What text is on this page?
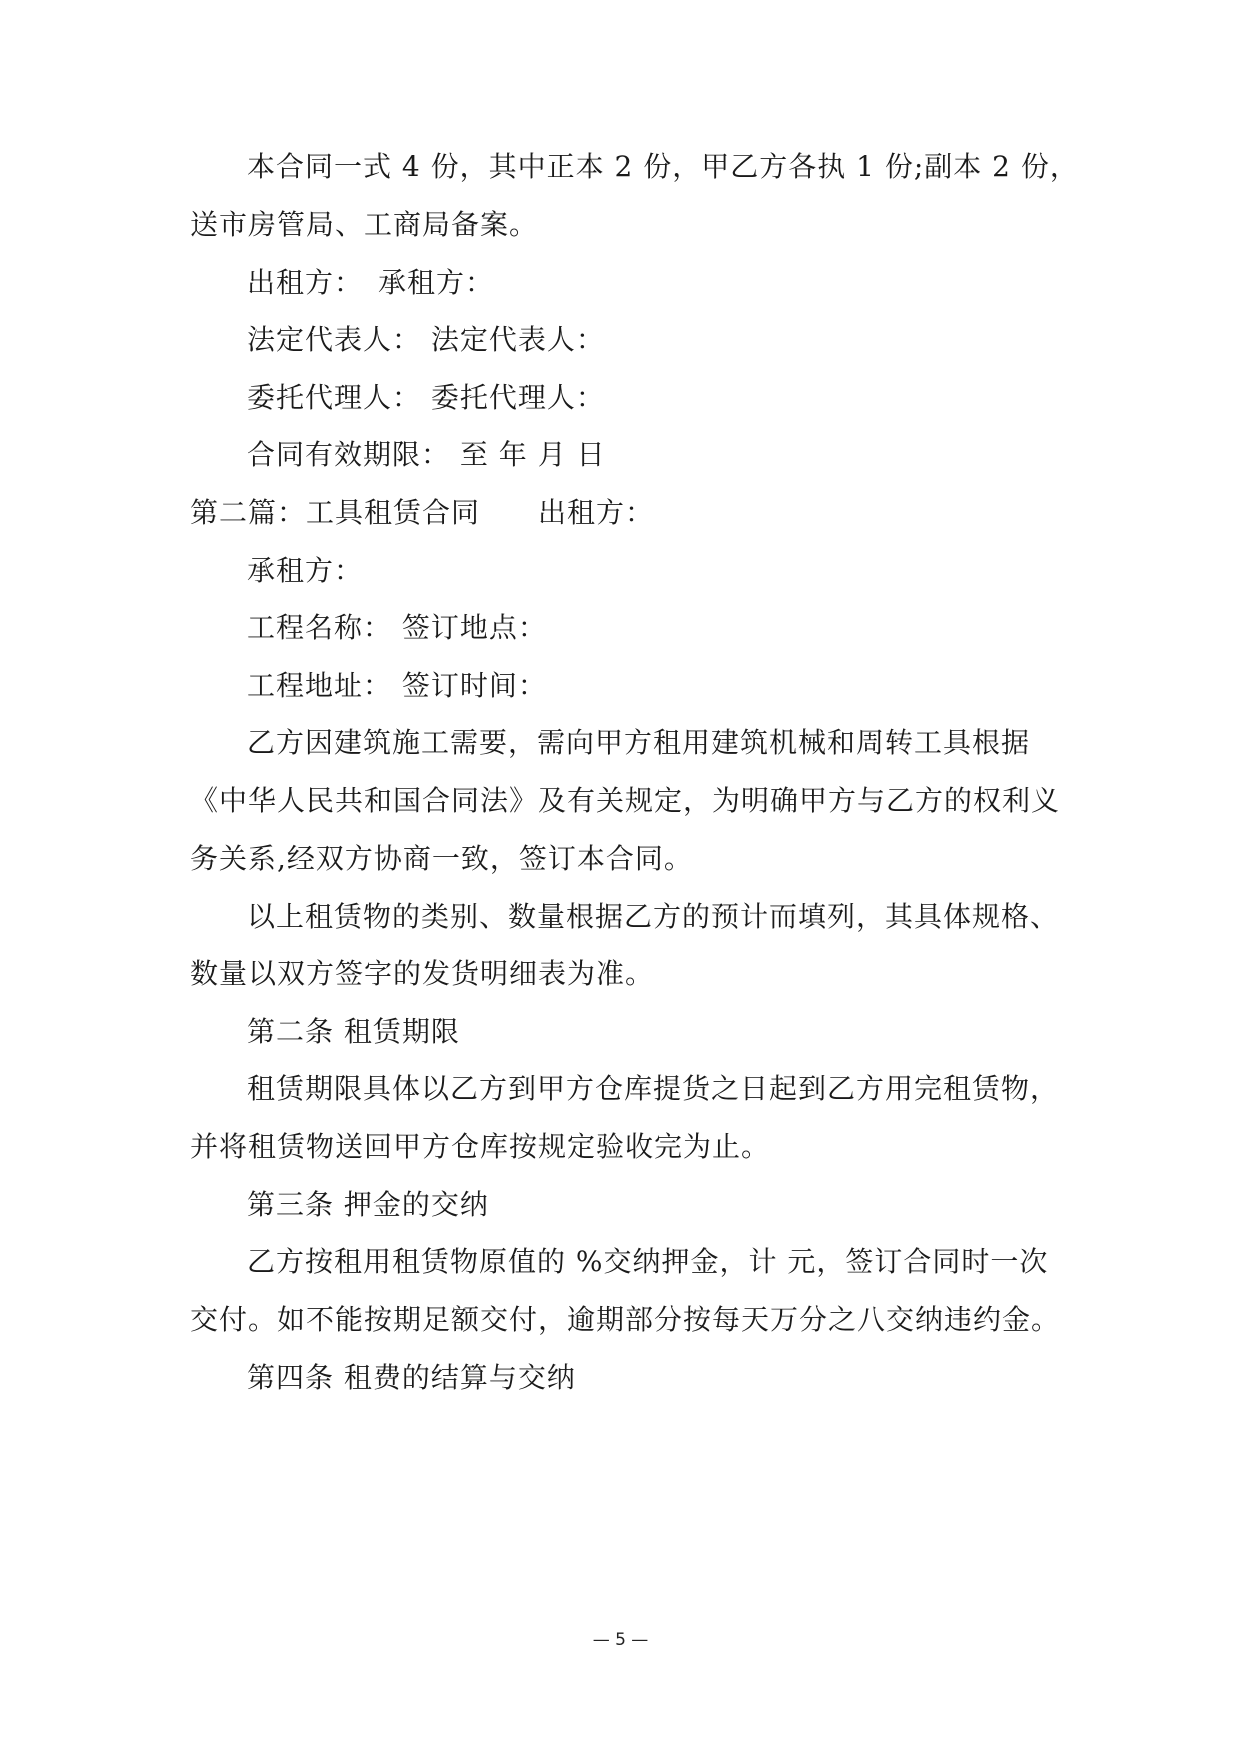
本合同一式 4 份，其中正本 2 份，甲乙方各执 1 份;副本 2 份，
送市房管局、工商局备案。
出租方：　承租方：
法定代表人： 法定代表人：
委托代理人： 委托代理人：
合同有效期限： 至 年 月 日
第二篇：工具租赁合同　　出租方：
承租方：
工程名称： 签订地点：
工程地址： 签订时间：
乙方因建筑施工需要，需向甲方租用建筑机械和周转工具根据
《中华人民共和国合同法》及有关规定，为明确甲方与乙方的权利义
务关系,经双方协商一致，签订本合同。
以上租赁物的类别、数量根据乙方的预计而填列，其具体规格、
数量以双方签字的发货明细表为准。
第二条 租赁期限
租赁期限具体以乙方到甲方仓库提货之日起到乙方用完租赁物，
并将租赁物送回甲方仓库按规定验收完为止。
第三条 押金的交纳
乙方按租用租赁物原值的 %交纳押金，计 元，签订合同时一次
交付。如不能按期足额交付，逾期部分按每天万分之八交纳违约金。
第四条 租费的结算与交纳
— 5 —
